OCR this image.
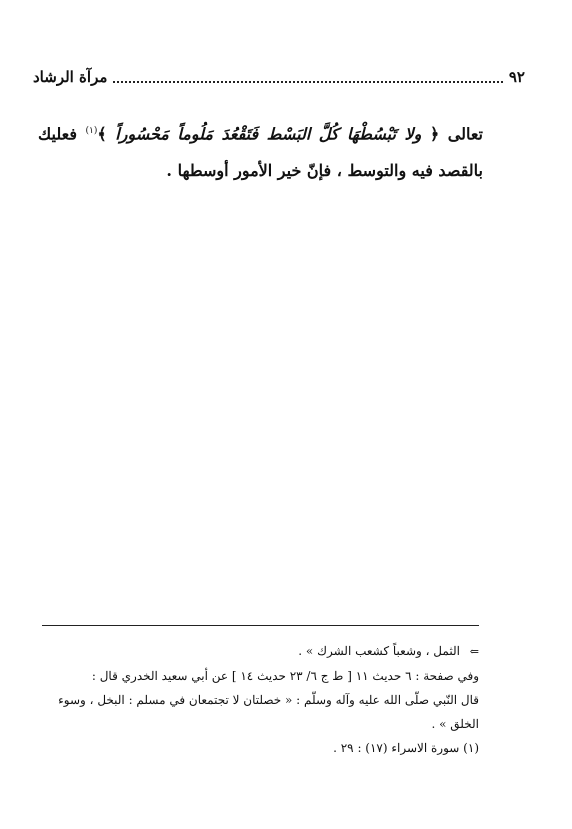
٩٢
مرآة الرشاد

تعالى ﴿ ولا تَبْسُطْهَا كُلَّ البَسْط فَتَقْعُدَ مَلُوماً مَحْسُوراً ﴾$^{(١)}$ فعليك بالقصد فيه والتوسط ، فإنّ خير الأمور أوسطها .

⇐ الثمل ، وشعباً كشعب الشرك » .

وفي صفحة : ٦ حديث ١١ [ ط ج ٦/ ٢٣ حديث ١٤ ] عن أبي سعيد الخدري قال :

قال النّبي صلّى الله عليه وآله وسلّم : « خصلتان لا تجتمعان في مسلم : البخل ، وسوء

الخلق » .

(١) سورة الاسراء (١٧) : ٢٩ .
